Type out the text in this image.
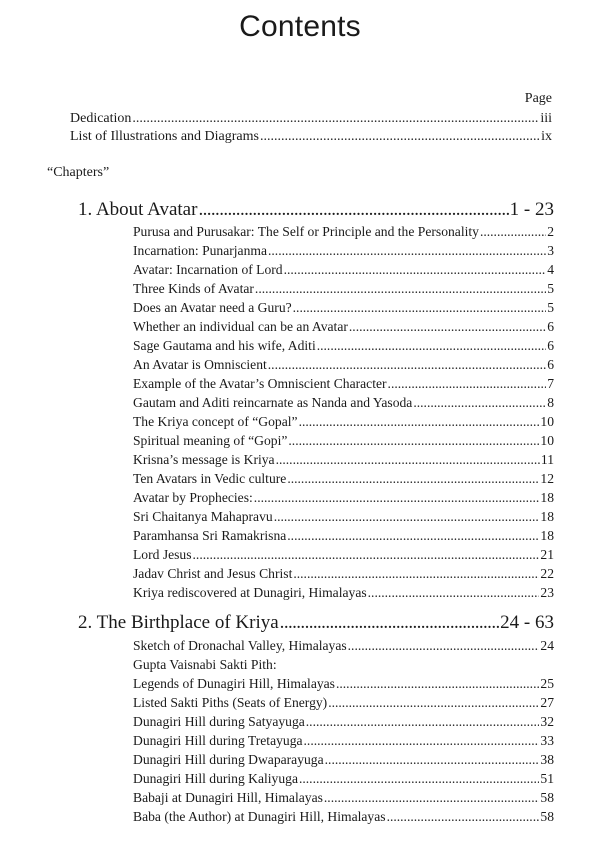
Contents
Page
Dedication .....	iii
List of Illustrations and Diagrams .....	ix
“Chapters”
1. About Avatar .....	1 - 23
Purusa and Purusakar: The Self or Principle and the Personality .....	2
Incarnation: Punarjanma .....	3
Avatar: Incarnation of Lord .....	4
Three Kinds of Avatar .....	5
Does an Avatar need a Guru? .....	5
Whether an individual can be an Avatar .....	6
Sage Gautama and his wife, Aditi .....	6
An Avatar is Omniscient .....	6
Example of the Avatar’s Omniscient Character .....	7
Gautam and Aditi reincarnate as Nanda and Yasoda .....	8
The Kriya concept of “Gopal” .....	10
Spiritual meaning of “Gopi” .....	10
Krisna’s message is Kriya .....	11
Ten Avatars in Vedic culture .....	12
Avatar by Prophecies: .....	18
Sri Chaitanya Mahapravu .....	18
Paramhansa Sri Ramakrisna .....	18
Lord Jesus .....	21
Jadav Christ and Jesus Christ .....	22
Kriya rediscovered at Dunagiri, Himalayas .....	23
2. The Birthplace of Kriya .....	24 - 63
Sketch of Dronachal Valley, Himalayas .....	24
Gupta Vaisnabi Sakti Pith:
Legends of Dunagiri Hill, Himalayas .....	25
Listed Sakti Piths (Seats of Energy) .....	27
Dunagiri Hill during Satyayuga .....	32
Dunagiri Hill during Tretayuga .....	33
Dunagiri Hill during Dwaparayuga .....	38
Dunagiri Hill during Kaliyuga .....	51
Babaji at Dunagiri Hill, Himalayas .....	58
Baba (the Author) at Dunagiri Hill, Himalayas .....	58
